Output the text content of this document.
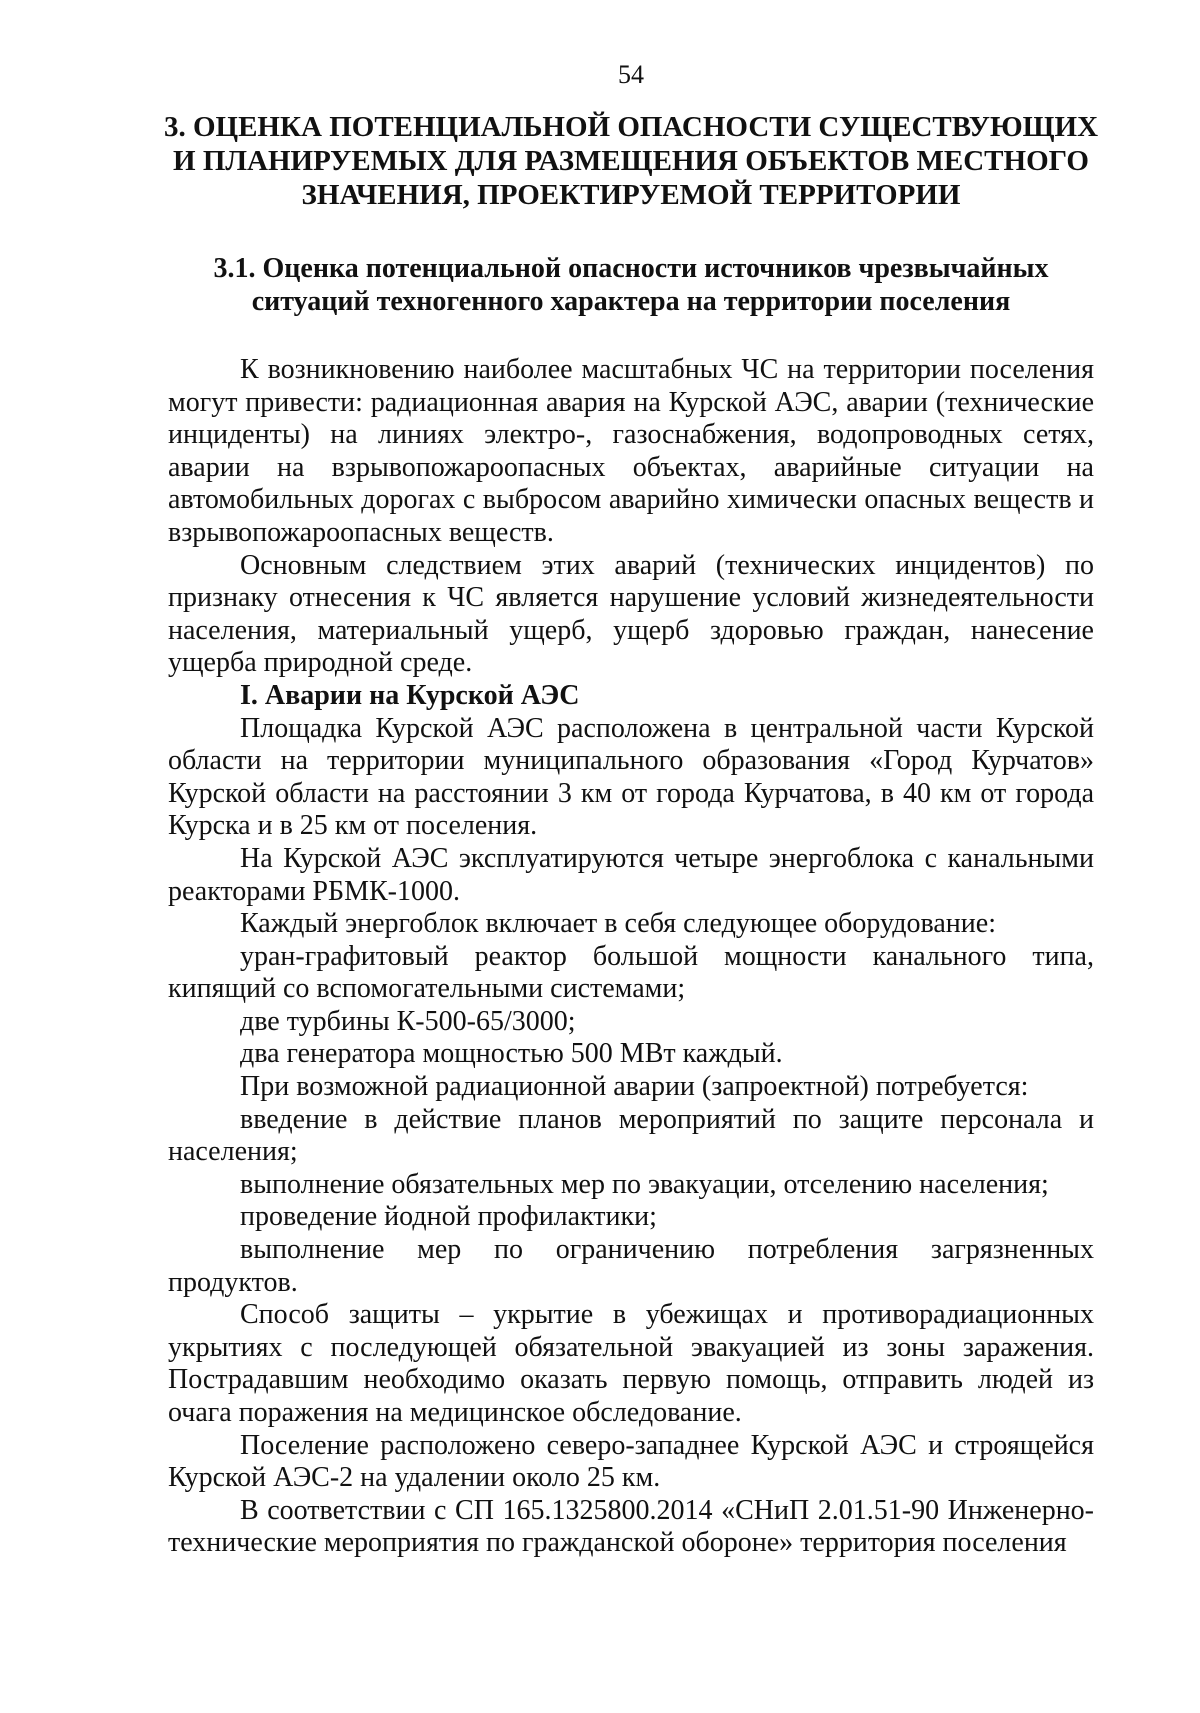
54
3. ОЦЕНКА ПОТЕНЦИАЛЬНОЙ ОПАСНОСТИ СУЩЕСТВУЮЩИХ
И ПЛАНИРУЕМЫХ ДЛЯ РАЗМЕЩЕНИЯ ОБЪЕКТОВ МЕСТНОГО
ЗНАЧЕНИЯ, ПРОЕКТИРУЕМОЙ ТЕРРИТОРИИ
3.1. Оценка потенциальной опасности источников чрезвычайных
ситуаций техногенного характера на территории поселения

К возникновению наиболее масштабных ЧС на территории поселения могут привести: радиационная авария на Курской АЭС, аварии (технические инциденты) на линиях электро-, газоснабжения, водопроводных сетях, аварии на взрывопожароопасных объектах, аварийные ситуации на автомобильных дорогах с выбросом аварийно химически опасных веществ и взрывопожароопасных веществ.

Основным следствием этих аварий (технических инцидентов) по признаку отнесения к ЧС является нарушение условий жизнедеятельности населения, материальный ущерб, ущерб здоровью граждан, нанесение ущерба природной среде.

I. Аварии на Курской АЭС

Площадка Курской АЭС расположена в центральной части Курской области на территории муниципального образования «Город Курчатов» Курской области на расстоянии 3 км от города Курчатова, в 40 км от города Курска и в 25 км от поселения.

На Курской АЭС эксплуатируются четыре энергоблока с канальными реакторами РБМК-1000.

Каждый энергоблок включает в себя следующее оборудование:

уран-графитовый реактор большой мощности канального типа, кипящий со вспомогательными системами;

две турбины К-500-65/3000;

два генератора мощностью 500 МВт каждый.

При возможной радиационной аварии (запроектной) потребуется:

введение в действие планов мероприятий по защите персонала и населения;

выполнение обязательных мер по эвакуации, отселению населения;

проведение йодной профилактики;

выполнение мер по ограничению потребления загрязненных продуктов.

Способ защиты – укрытие в убежищах и противорадиационных укрытиях с последующей обязательной эвакуацией из зоны заражения. Пострадавшим необходимо оказать первую помощь, отправить людей из очага поражения на медицинское обследование.

Поселение расположено северо-западнее Курской АЭС и строящейся Курской АЭС-2 на удалении около 25 км.

В соответствии с СП 165.1325800.2014 «СНиП 2.01.51-90 Инженерно-технические мероприятия по гражданской обороне» территория поселения
